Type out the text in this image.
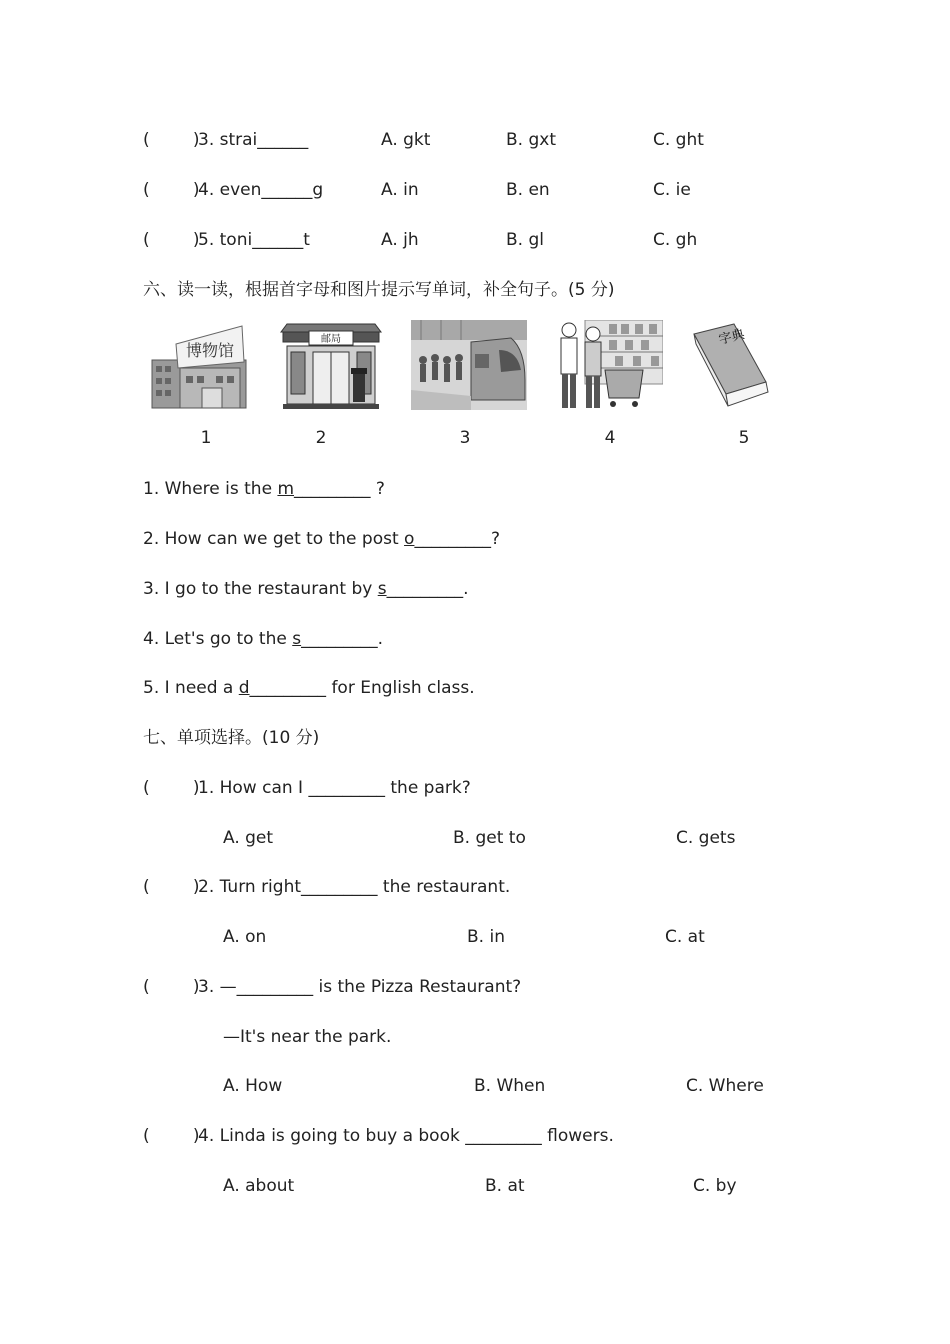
(        )
3. strai______	A. gkt	B. gxt	C. ght
(        )
4. even______g	A. in	B. en	C. ie
(        )
5. toni______t	A. jh	B. gl	C. gh
六、读一读，根据首字母和图片提示写单词，补全句子。(5 分)
博物馆
邮局	字典
1	2	3	4	5
1. Where is the m_________ ?
2. How can we get to the post o_________?
3. I go to the restaurant by s_________.
4. Let's go to the s_________.
5. I need a d_________ for English class.
七、单项选择。(10 分)
(        )
1. How can I _________ the park?
A. get	B. get to	C. gets
(        )
2. Turn right_________ the restaurant.
A. on	B. in	C. at
(        )
3. —_________ is the Pizza Restaurant?
—It's near the park.
A. How	B. When	C. Where
(        )
4. Linda is going to buy a book _________ flowers.
A. about	B. at	C. by
